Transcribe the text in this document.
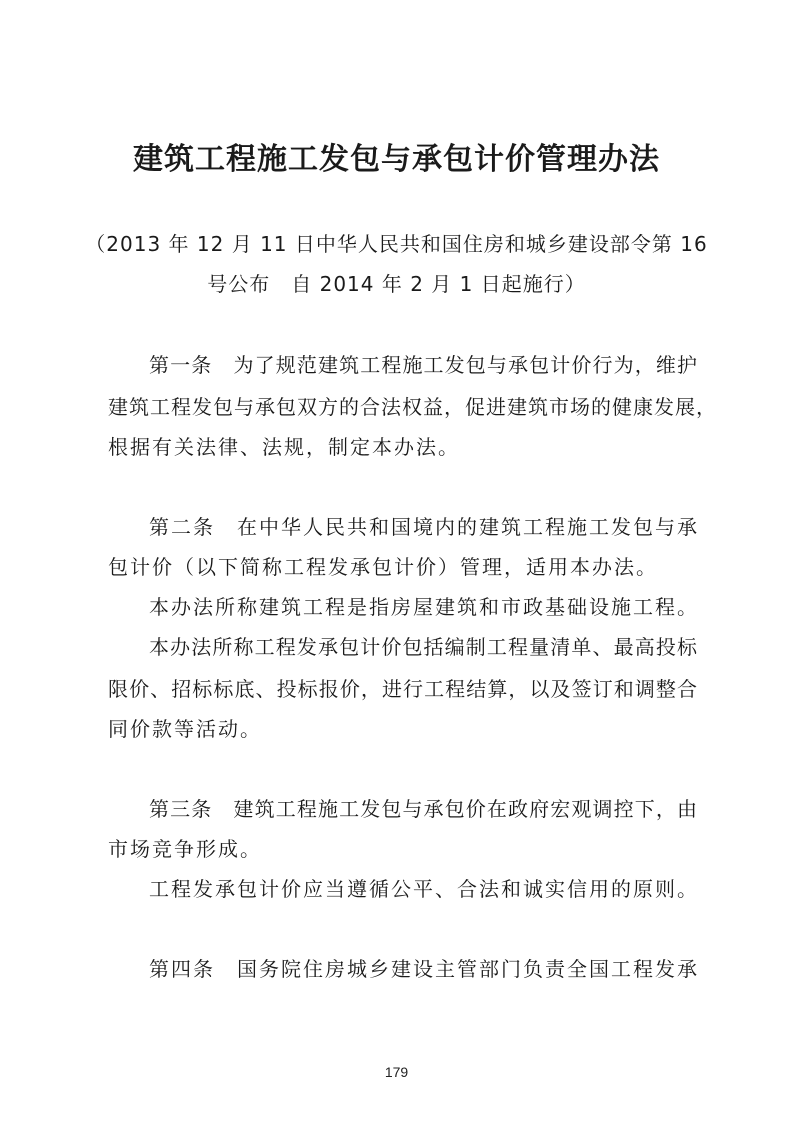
建筑工程施工发包与承包计价管理办法
（2013 年 12 月 11 日中华人民共和国住房和城乡建设部令第 16
号公布　自 2014 年 2 月 1 日起施行）
第一条　为了规范建筑工程施工发包与承包计价行为，维护
建筑工程发包与承包双方的合法权益，促进建筑市场的健康发展，
根据有关法律、法规，制定本办法。
第二条　在中华人民共和国境内的建筑工程施工发包与承
包计价（以下简称工程发承包计价）管理，适用本办法。
本办法所称建筑工程是指房屋建筑和市政基础设施工程。
本办法所称工程发承包计价包括编制工程量清单、最高投标
限价、招标标底、投标报价，进行工程结算，以及签订和调整合
同价款等活动。
第三条　建筑工程施工发包与承包价在政府宏观调控下，由
市场竞争形成。
工程发承包计价应当遵循公平、合法和诚实信用的原则。
第四条　国务院住房城乡建设主管部门负责全国工程发承
179
